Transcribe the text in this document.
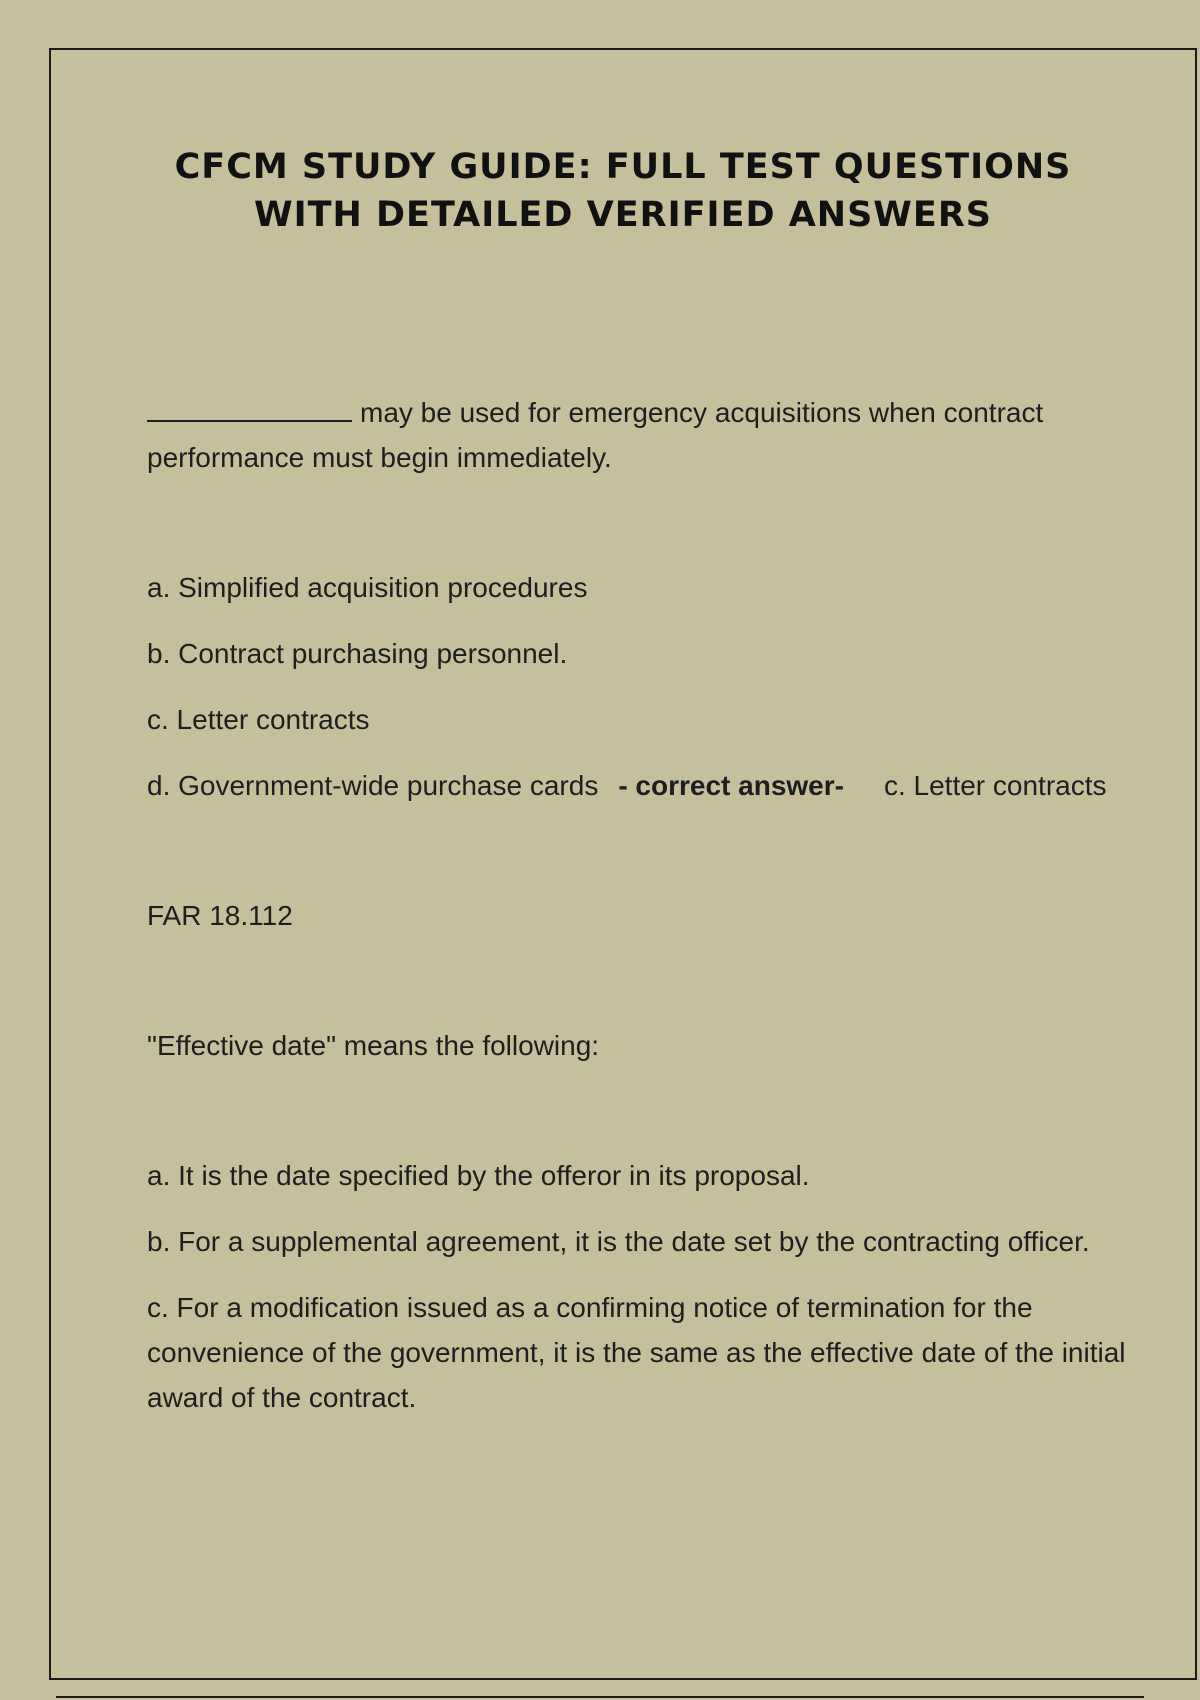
CFCM STUDY GUIDE: FULL TEST QUESTIONS
WITH DETAILED VERIFIED ANSWERS

may be used for emergency acquisitions when contract performance must begin immediately.

a. Simplified acquisition procedures

b. Contract purchasing personnel.

c. Letter contracts

d. Government-wide purchase cards - correct answer- c. Letter contracts

FAR 18.112

"Effective date" means the following:

a. It is the date specified by the offeror in its proposal.

b. For a supplemental agreement, it is the date set by the contracting officer.

c. For a modification issued as a confirming notice of termination for the convenience of the government, it is the same as the effective date of the initial award of the contract.
